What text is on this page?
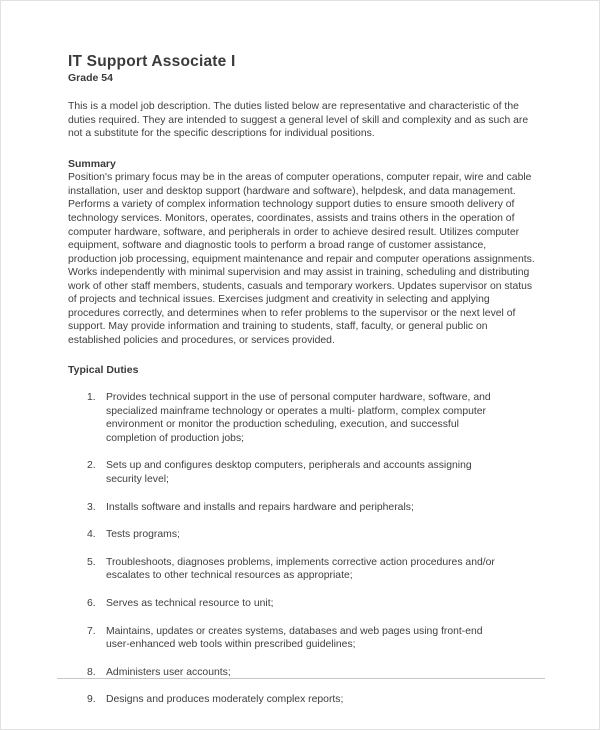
IT Support Associate I
Grade 54

This is a model job description. The duties listed below are representative and characteristic of the duties required. They are intended to suggest a general level of skill and complexity and as such are not a substitute for the specific descriptions for individual positions.

Summary

Position's primary focus may be in the areas of computer operations, computer repair, wire and cable installation, user and desktop support (hardware and software), helpdesk, and data management. Performs a variety of complex information technology support duties to ensure smooth delivery of technology services. Monitors, operates, coordinates, assists and trains others in the operation of computer hardware, software, and peripherals in order to achieve desired result. Utilizes computer equipment, software and diagnostic tools to perform a broad range of customer assistance, production job processing, equipment maintenance and repair and computer operations assignments. Works independently with minimal supervision and may assist in training, scheduling and distributing work of other staff members, students, casuals and temporary workers. Updates supervisor on status of projects and technical issues. Exercises judgment and creativity in selecting and applying procedures correctly, and determines when to refer problems to the supervisor or the next level of support. May provide information and training to students, staff, faculty, or general public on established policies and procedures, or services provided.

Typical Duties
1. Provides technical support in the use of personal computer hardware, software, and specialized mainframe technology or operates a multi- platform, complex computer environment or monitor the production scheduling, execution, and successful completion of production jobs;
2. Sets up and configures desktop computers, peripherals and accounts assigning security level;
3. Installs software and installs and repairs hardware and peripherals;
4. Tests programs;
5. Troubleshoots, diagnoses problems, implements corrective action procedures and/or escalates to other technical resources as appropriate;
6. Serves as technical resource to unit;
7. Maintains, updates or creates systems, databases and web pages using front-end user-enhanced web tools within prescribed guidelines;
8. Administers user accounts;
9. Designs and produces moderately complex reports;
